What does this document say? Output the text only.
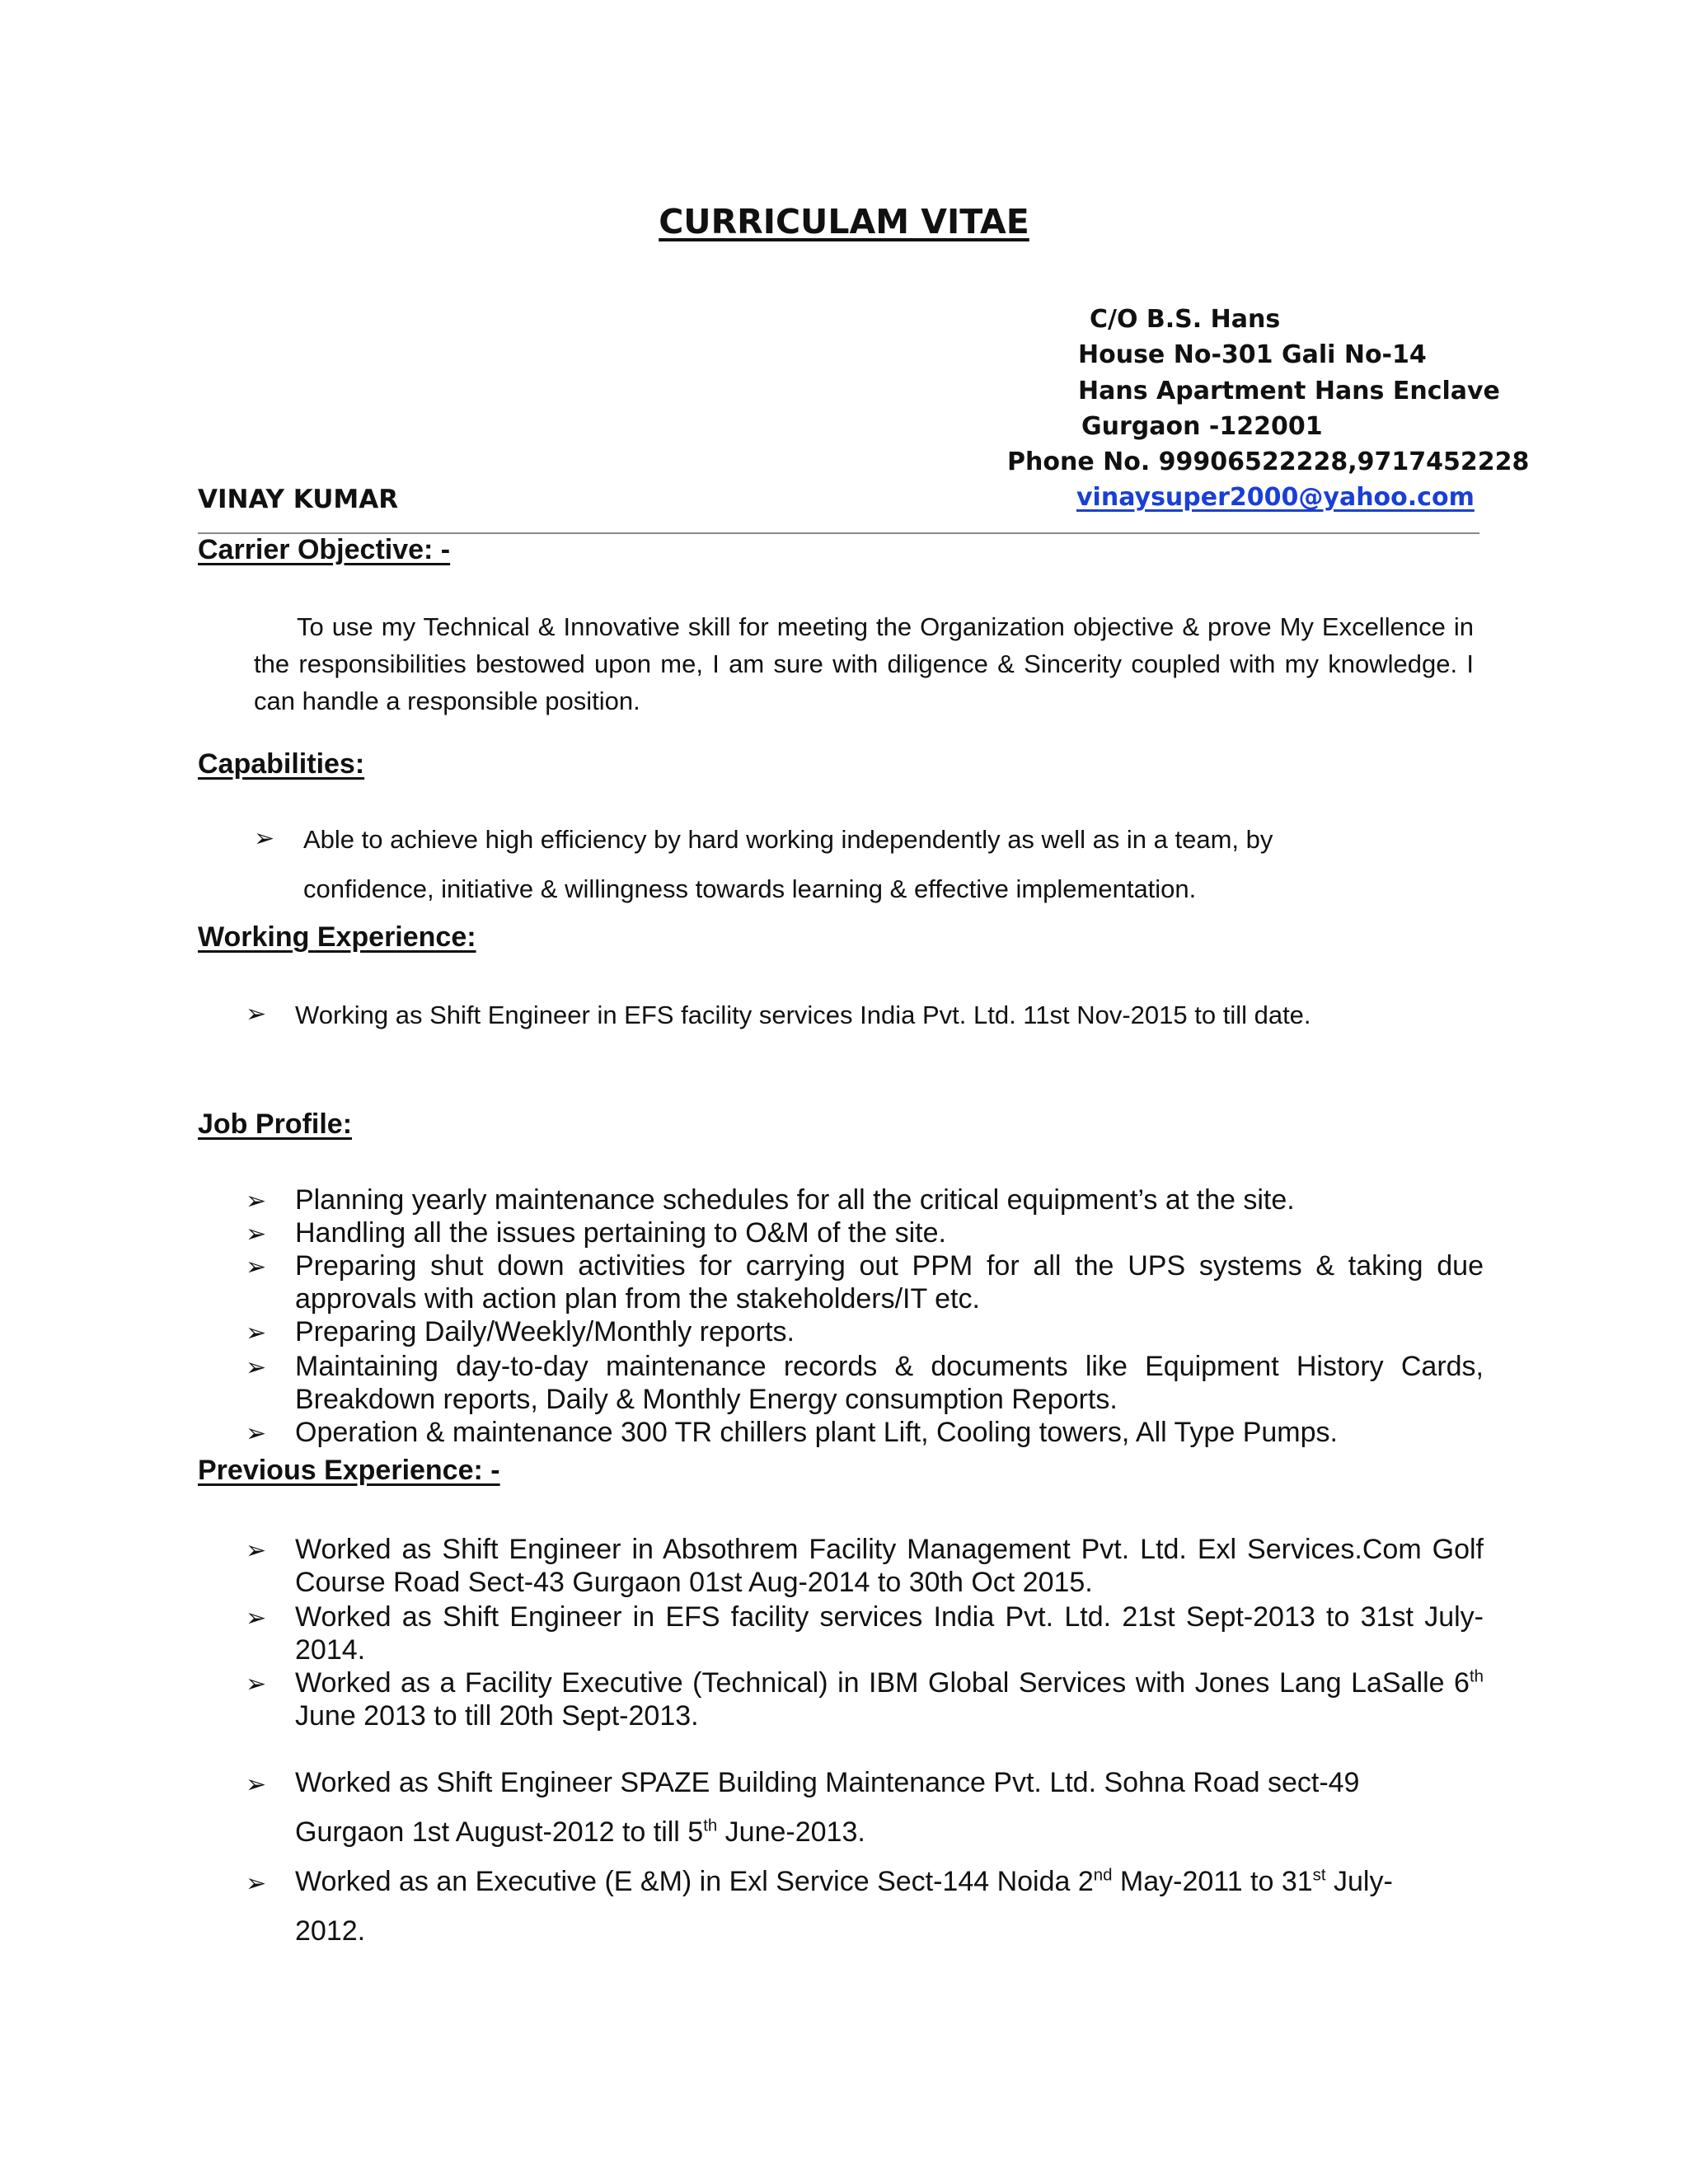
CURRICULAM VITAE
C/O B.S. Hans
House No-301 Gali No-14
Hans Apartment Hans Enclave
Gurgaon -122001
Phone No. 99906522228,9717452228
vinaysuper2000@yahoo.com
VINAY KUMAR
Carrier Objective: -
To use my Technical & Innovative skill for meeting the Organization objective & prove My Excellence in the responsibilities bestowed upon me, I am sure with diligence & Sincerity coupled with my knowledge. I can handle a responsible position.
Capabilities:
➢ Able to achieve high efficiency by hard working independently as well as in a team, by
confidence, initiative & willingness towards learning & effective implementation.
Working Experience:
➢ Working as Shift Engineer in EFS facility services India Pvt. Ltd. 11st Nov-2015 to till date.
Job Profile:
➢ Planning yearly maintenance schedules for all the critical equipment’s at the site.
➢ Handling all the issues pertaining to O&M of the site.
➢ Preparing shut down activities for carrying out PPM for all the UPS systems & taking due approvals with action plan from the stakeholders/IT etc.
➢ Preparing Daily/Weekly/Monthly reports.
➢ Maintaining day-to-day maintenance records & documents like Equipment History Cards, Breakdown reports, Daily & Monthly Energy consumption Reports.
➢ Operation & maintenance 300 TR chillers plant Lift, Cooling towers, All Type Pumps.
Previous Experience: -
➢ Worked as Shift Engineer in Absothrem Facility Management Pvt. Ltd. Exl Services.Com Golf Course Road Sect-43 Gurgaon 01st Aug-2014 to 30th Oct 2015.
➢ Worked as Shift Engineer in EFS facility services India Pvt. Ltd. 21st Sept-2013 to 31st July-2014.
➢ Worked as a Facility Executive (Technical) in IBM Global Services with Jones Lang LaSalle 6th June 2013 to till 20th Sept-2013.
➢ Worked as Shift Engineer SPAZE Building Maintenance Pvt. Ltd. Sohna Road sect-49
Gurgaon 1st August-2012 to till 5th June-2013.
➢ Worked as an Executive (E &M) in Exl Service Sect-144 Noida 2nd May-2011 to 31st July-
2012.
